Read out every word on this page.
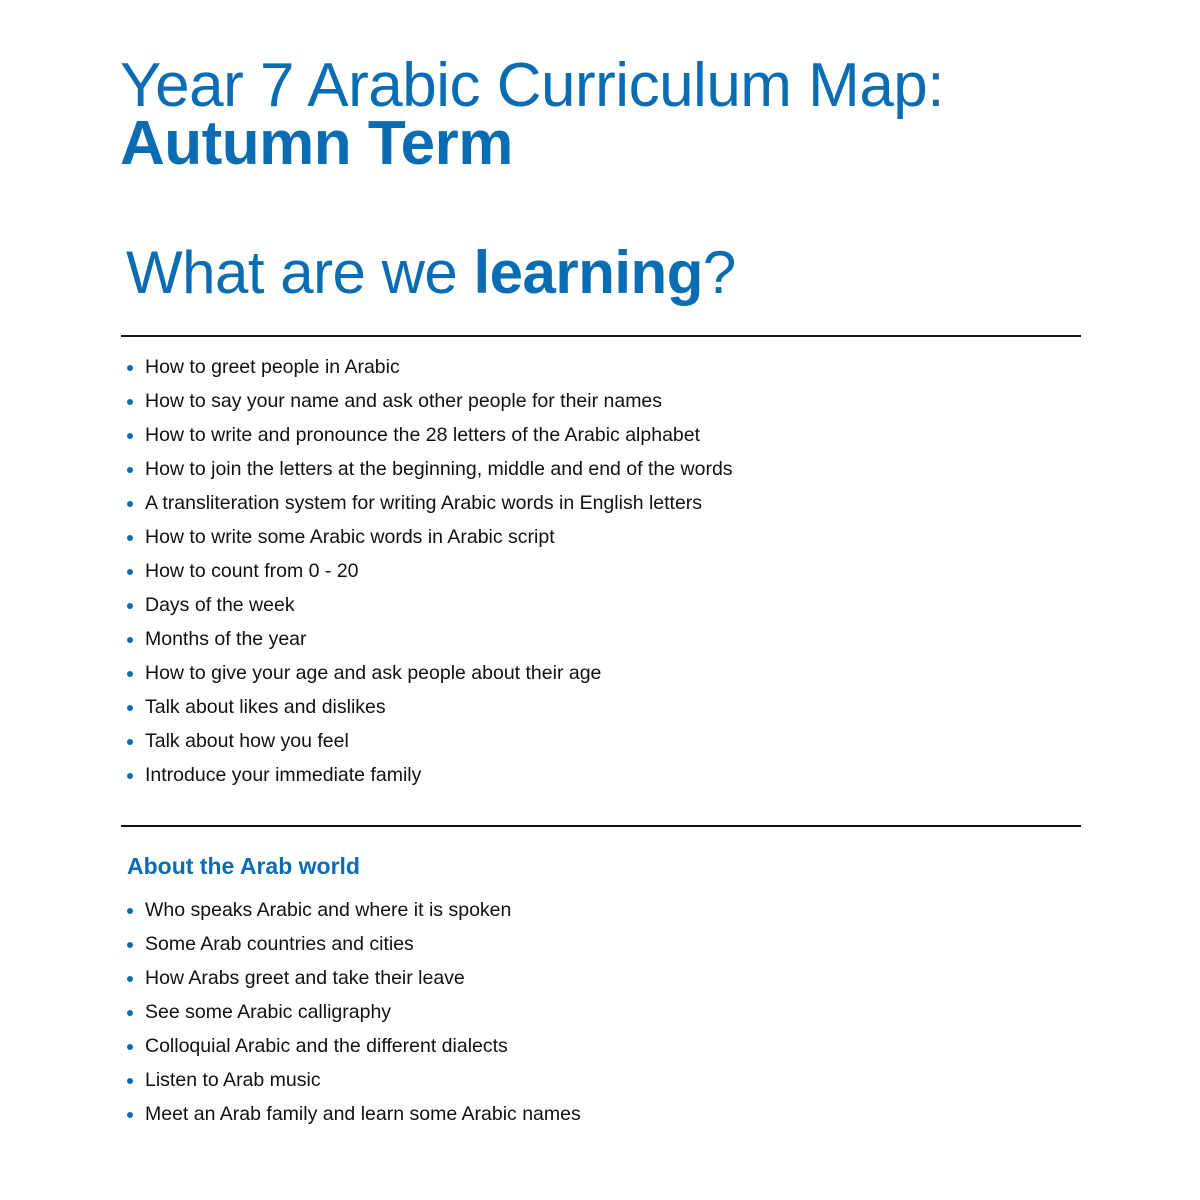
Year 7 Arabic Curriculum Map:
Autumn Term
What are we learning?
How to greet people in Arabic
How to say your name and ask other people for their names
How to write and pronounce the 28 letters of the Arabic alphabet
How to join the letters at the beginning, middle and end of the words
A transliteration system for writing Arabic words in English letters
How to write some Arabic words in Arabic script
How to count from 0 - 20
Days of the week
Months of the year
How to give your age and ask people about their age
Talk about likes and dislikes
Talk about how you feel
Introduce your immediate family
About the Arab world
Who speaks Arabic and where it is spoken
Some Arab countries and cities
How Arabs greet and take their leave
See some Arabic calligraphy
Colloquial Arabic and the different dialects
Listen to Arab music
Meet an Arab family and learn some Arabic names
